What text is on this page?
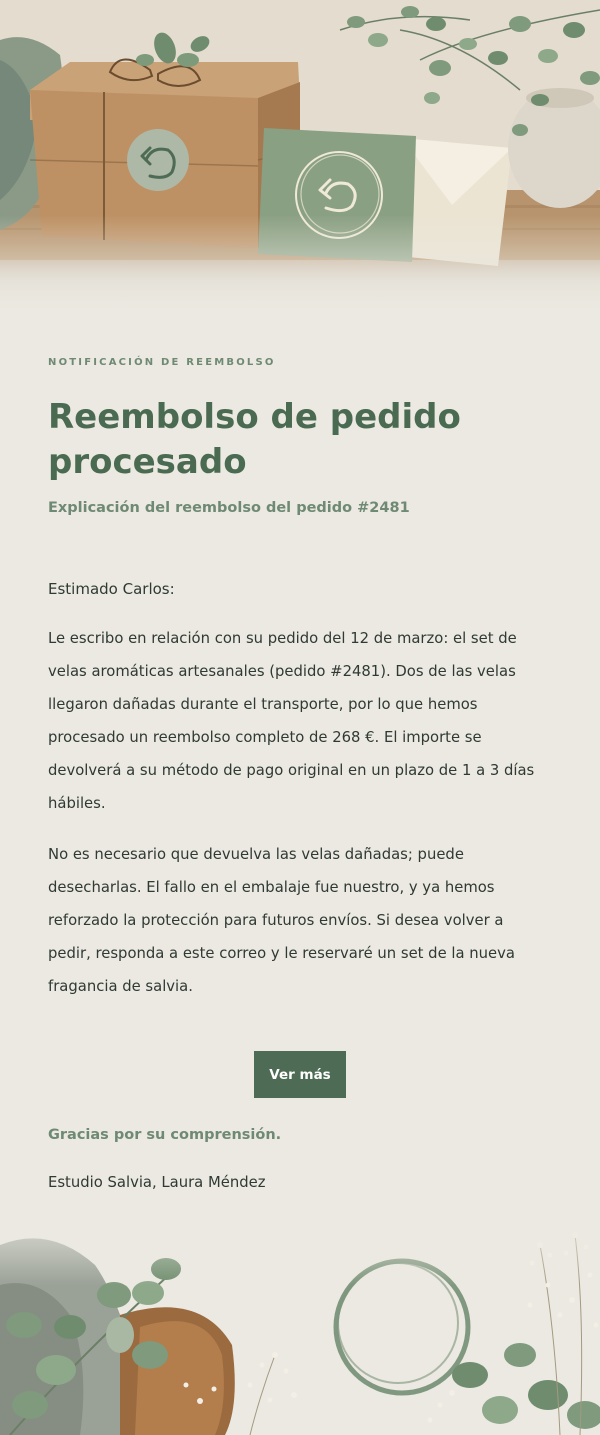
NOTIFICACIÓN DE REEMBOLSO
Reembolso de pedido procesado
Explicación del reembolso del pedido #2481
Estimado Carlos:

Le escribo en relación con su pedido del 12 de marzo: el set de velas aromáticas artesanales (pedido #2481). Dos de las velas llegaron dañadas durante el transporte, por lo que hemos procesado un reembolso completo de 268 €. El importe se devolverá a su método de pago original en un plazo de 1 a 3 días hábiles.

No es necesario que devuelva las velas dañadas; puede desecharlas. El fallo en el embalaje fue nuestro, y ya hemos reforzado la protección para futuros envíos. Si desea volver a pedir, responda a este correo y le reservaré un set de la nueva fragancia de salvia.

Ver más
Gracias por su comprensión.
Estudio Salvia, Laura Méndez
